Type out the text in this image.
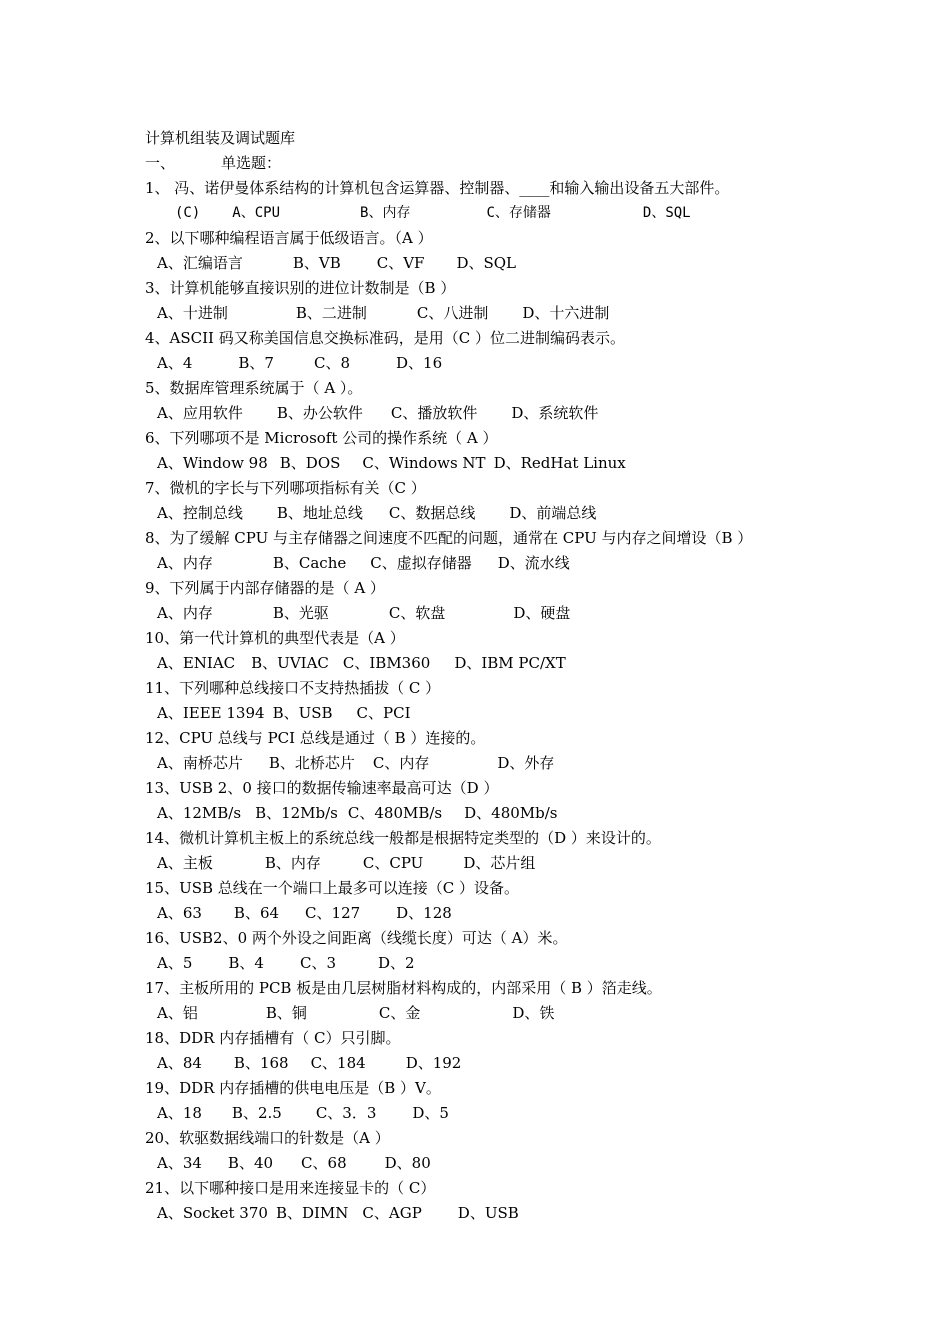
计算机组装及调试题库
一、	单选题：
1、 冯、诺伊曼体系结构的计算机包含运算器、控制器、____和输入输出设备五大部件。
(C) A、CPU	B、内存	C、存储器	D、SQL
2、以下哪种编程语言属于低级语言。（A ）
A、汇编语言	B、VB C、VF D、SQL
3、计算机能够直接识别的进位计数制是（B ）
A、十进制	B、二进制	C、八进制 D、十六进制
4、ASCII 码又称美国信息交换标准码，是用（C ）位二进制编码表示。
A、4	B、7	C、8	D、16
5、数据库管理系统属于（ A ）。
A、应用软件 B、办公软件 C、播放软件 D、系统软件
6、下列哪项不是 Microsoft 公司的操作系统（ A ）
A、Window 98 B、DOS C、Windows NT D、RedHat Linux
7、微机的字长与下列哪项指标有关（C ）
A、控制总线 B、地址总线 C、数据总线 D、前端总线
8、为了缓解 CPU 与主存储器之间速度不匹配的问题，通常在 CPU 与内存之间增设（B ）
A、内存	B、Cache C、虚拟存储器 D、流水线
9、下列属于内部存储器的是（ A ）
A、内存	B、光驱	C、软盘	D、硬盘
10、第一代计算机的典型代表是（A ）
A、ENIAC B、UVIAC C、IBM360 D、IBM PC/XT
11、下列哪种总线接口不支持热插拔（ C ）
A、IEEE 1394 B、USB C、PCI
12、CPU 总线与 PCI 总线是通过（ B ）连接的。
A、南桥芯片 B、北桥芯片 C、内存	D、外存
13、USB 2、0 接口的数据传输速率最高可达（D ）
A、12MB/s B、12Mb/s C、480MB/s D、480Mb/s
14、微机计算机主板上的系统总线一般都是根据特定类型的（D ）来设计的。
A、主板	B、内存	C、CPU	D、芯片组
15、USB 总线在一个端口上最多可以连接（C ）设备。
A、63 B、64 C、127 D、128
16、USB2、0 两个外设之间距离（线缆长度）可达（ A）米。
A、5 B、4 C、3	D、2
17、主板所用的 PCB 板是由几层树脂材料构成的，内部采用（ B ）箔走线。
A、铝	B、铜	C、金	D、铁
18、DDR 内存插槽有（ C）只引脚。
A、84 B、168 C、184	D、192
19、DDR 内存插槽的供电电压是（B ）V。
A、18 B、2.5 C、3．3 D、5
20、软驱数据线端口的针数是（A ）
A、34 B、40 C、68	D、80
21、以下哪种接口是用来连接显卡的（ C）
A、Socket 370 B、DIMN C、AGP D、USB
